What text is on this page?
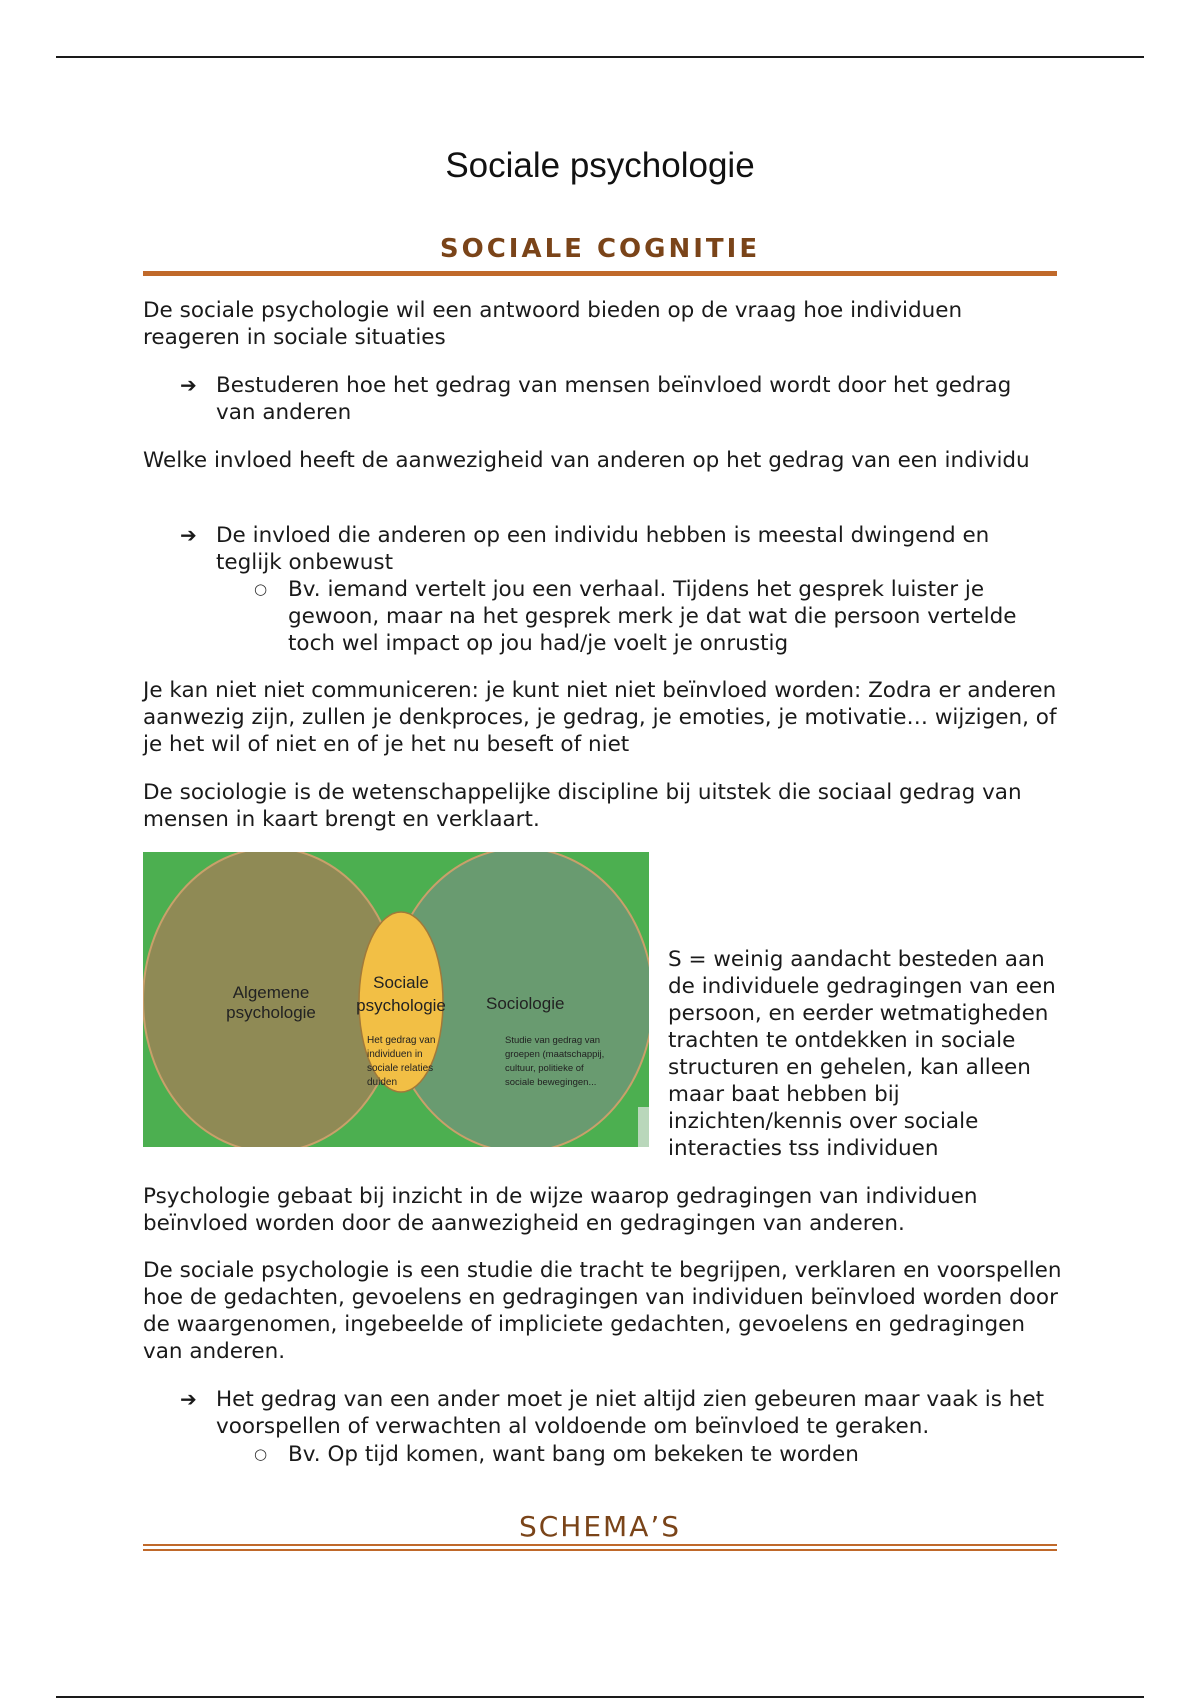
Sociale psychologie
SOCIALE COGNITIE

De sociale psychologie wil een antwoord bieden op de vraag hoe individuen reageren in sociale situaties

➔ Bestuderen hoe het gedrag van mensen beïnvloed wordt door het gedrag van anderen

Welke invloed heeft de aanwezigheid van anderen op het gedrag van een individu

➔ De invloed die anderen op een individu hebben is meestal dwingend en teglijk onbewust
○ Bv. iemand vertelt jou een verhaal. Tijdens het gesprek luister je gewoon, maar na het gesprek merk je dat wat die persoon vertelde toch wel impact op jou had/je voelt je onrustig

Je kan niet niet communiceren: je kunt niet niet beïnvloed worden: Zodra er anderen aanwezig zijn, zullen je denkproces, je gedrag, je emoties, je motivatie… wijzigen, of je het wil of niet en of je het nu beseft of niet

De sociologie is de wetenschappelijke discipline bij uitstek die sociaal gedrag van mensen in kaart brengt en verklaart.

Algemene
psychologie
Sociale
psychologie
Het gedrag van
individuen in
sociale relaties
duiden
Sociologie
Studie van gedrag van
groepen (maatschappij,
cultuur, politieke of
sociale bewegingen...
S = weinig aandacht besteden aan de individuele gedragingen van een persoon, en eerder wetmatigheden trachten te ontdekken in sociale structuren en gehelen, kan alleen maar baat hebben bij inzichten/kennis over sociale interacties tss individuen

Psychologie gebaat bij inzicht in de wijze waarop gedragingen van individuen beïnvloed worden door de aanwezigheid en gedragingen van anderen.

De sociale psychologie is een studie die tracht te begrijpen, verklaren en voorspellen hoe de gedachten, gevoelens en gedragingen van individuen beïnvloed worden door de waargenomen, ingebeelde of impliciete gedachten, gevoelens en gedragingen van anderen.

➔ Het gedrag van een ander moet je niet altijd zien gebeuren maar vaak is het voorspellen of verwachten al voldoende om beïnvloed te geraken.
○ Bv. Op tijd komen, want bang om bekeken te worden
SCHEMA’S
